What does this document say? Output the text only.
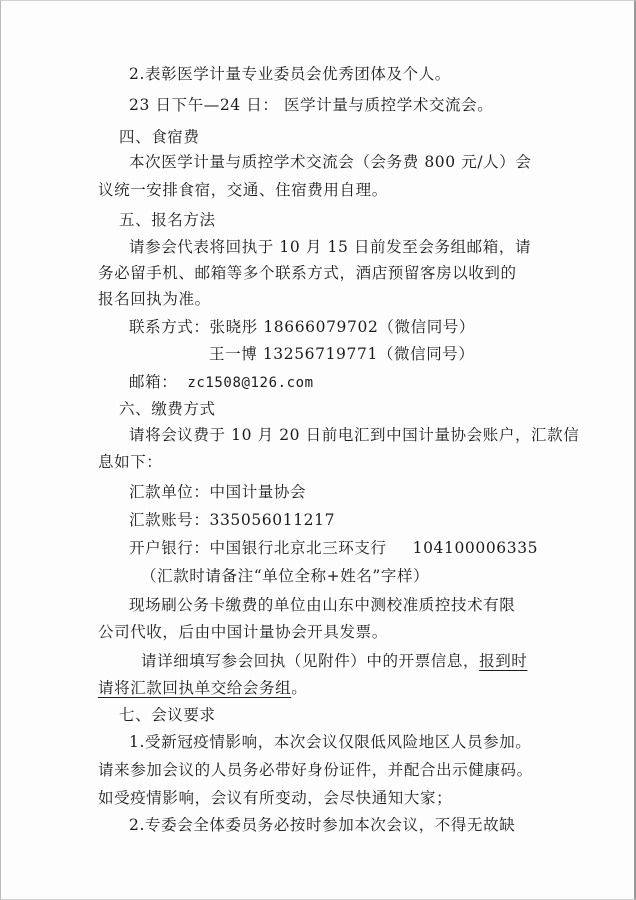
2.表彰医学计量专业委员会优秀团体及个人。
23 日下午—24 日： 医学计量与质控学术交流会。
四、食宿费
本次医学计量与质控学术交流会（会务费 800 元/人）会
议统一安排食宿，交通、住宿费用自理。
五、报名方法
请参会代表将回执于 10 月 15 日前发至会务组邮箱，请
务必留手机、邮箱等多个联系方式，酒店预留客房以收到的
报名回执为准。
联系方式：张晓彤 18666079702（微信同号）
王一博 13256719771（微信同号）
邮箱： zc1508@126.com
六、缴费方式
请将会议费于 10 月 20 日前电汇到中国计量协会账户，汇款信
息如下：
汇款单位：中国计量协会
汇款账号：335056011217
开户银行：中国银行北京北三环支行 104100006335
（汇款时请备注“单位全称+姓名”字样）
现场刷公务卡缴费的单位由山东中测校准质控技术有限
公司代收，后由中国计量协会开具发票。
请详细填写参会回执（见附件）中的开票信息，报到时
请将汇款回执单交给会务组。
七、会议要求
1.受新冠疫情影响，本次会议仅限低风险地区人员参加。
请来参加会议的人员务必带好身份证件，并配合出示健康码。
如受疫情影响，会议有所变动，会尽快通知大家；
2.专委会全体委员务必按时参加本次会议，不得无故缺
